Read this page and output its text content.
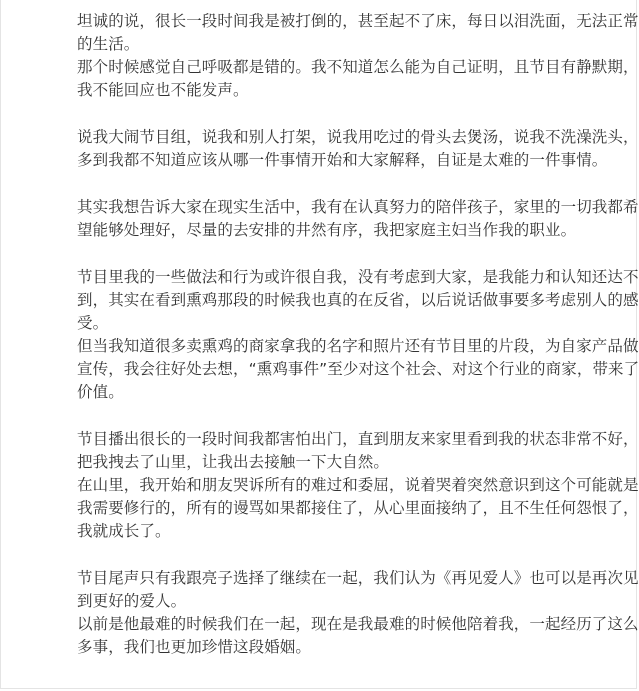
坦诚的说，很长一段时间我是被打倒的，甚至起不了床，每日以泪洗面，无法正常
的生活。
那个时候感觉自己呼吸都是错的。我不知道怎么能为自己证明，且节目有静默期，
我不能回应也不能发声。
说我大闹节目组，说我和别人打架，说我用吃过的骨头去煲汤，说我不洗澡洗头，
多到我都不知道应该从哪一件事情开始和大家解释，自证是太难的一件事情。
其实我想告诉大家在现实生活中，我有在认真努力的陪伴孩子，家里的一切我都希
望能够处理好，尽量的去安排的井然有序，我把家庭主妇当作我的职业。
节目里我的一些做法和行为或许很自我，没有考虑到大家，是我能力和认知还达不
到，其实在看到熏鸡那段的时候我也真的在反省，以后说话做事要多考虑别人的感
受。
但当我知道很多卖熏鸡的商家拿我的名字和照片还有节目里的片段，为自家产品做
宣传，我会往好处去想，“熏鸡事件”至少对这个社会、对这个行业的商家，带来了
价值。
节目播出很长的一段时间我都害怕出门，直到朋友来家里看到我的状态非常不好，
把我拽去了山里，让我出去接触一下大自然。
在山里，我开始和朋友哭诉所有的难过和委屈，说着哭着突然意识到这个可能就是
我需要修行的，所有的谩骂如果都接住了，从心里面接纳了，且不生任何怨恨了，
我就成长了。
节目尾声只有我跟亮子选择了继续在一起，我们认为《再见爱人》也可以是再次见
到更好的爱人。
以前是他最难的时候我们在一起，现在是我最难的时候他陪着我，一起经历了这么
多事，我们也更加珍惜这段婚姻。
